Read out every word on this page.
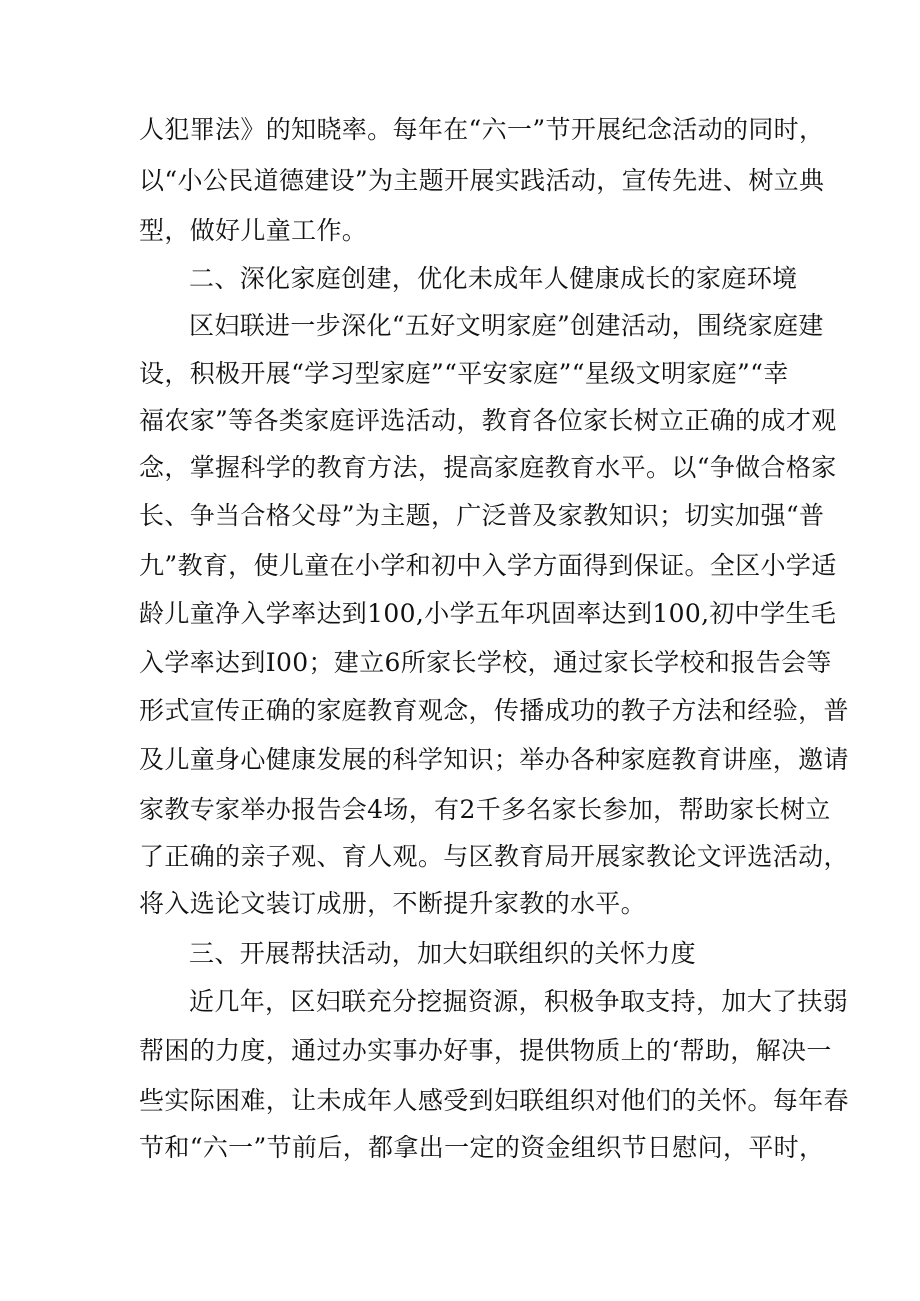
人犯罪法》的知晓率。每年在“六一”节开展纪念活动的同时，
以“小公民道德建设”为主题开展实践活动，宣传先进、树立典
型，做好儿童工作。
二、深化家庭创建，优化未成年人健康成长的家庭环境
区妇联进一步深化“五好文明家庭”创建活动，围绕家庭建
设，积极开展“学习型家庭”“平安家庭”“星级文明家庭”“幸
福农家”等各类家庭评选活动，教育各位家长树立正确的成才观
念，掌握科学的教育方法，提高家庭教育水平。以“争做合格家
长、争当合格父母”为主题，广泛普及家教知识；切实加强“普
九”教育，使儿童在小学和初中入学方面得到保证。全区小学适
龄儿童净入学率达到100,小学五年巩固率达到100,初中学生毛
入学率达到I00；建立6所家长学校，通过家长学校和报告会等
形式宣传正确的家庭教育观念，传播成功的教子方法和经验，普
及儿童身心健康发展的科学知识；举办各种家庭教育讲座，邀请
家教专家举办报告会4场，有2千多名家长参加，帮助家长树立
了正确的亲子观、育人观。与区教育局开展家教论文评选活动，
将入选论文装订成册，不断提升家教的水平。
三、开展帮扶活动，加大妇联组织的关怀力度
近几年，区妇联充分挖掘资源，积极争取支持，加大了扶弱
帮困的力度，通过办实事办好事，提供物质上的‘帮助，解决一
些实际困难，让未成年人感受到妇联组织对他们的关怀。每年春
节和“六一”节前后，都拿出一定的资金组织节日慰问，平时，
